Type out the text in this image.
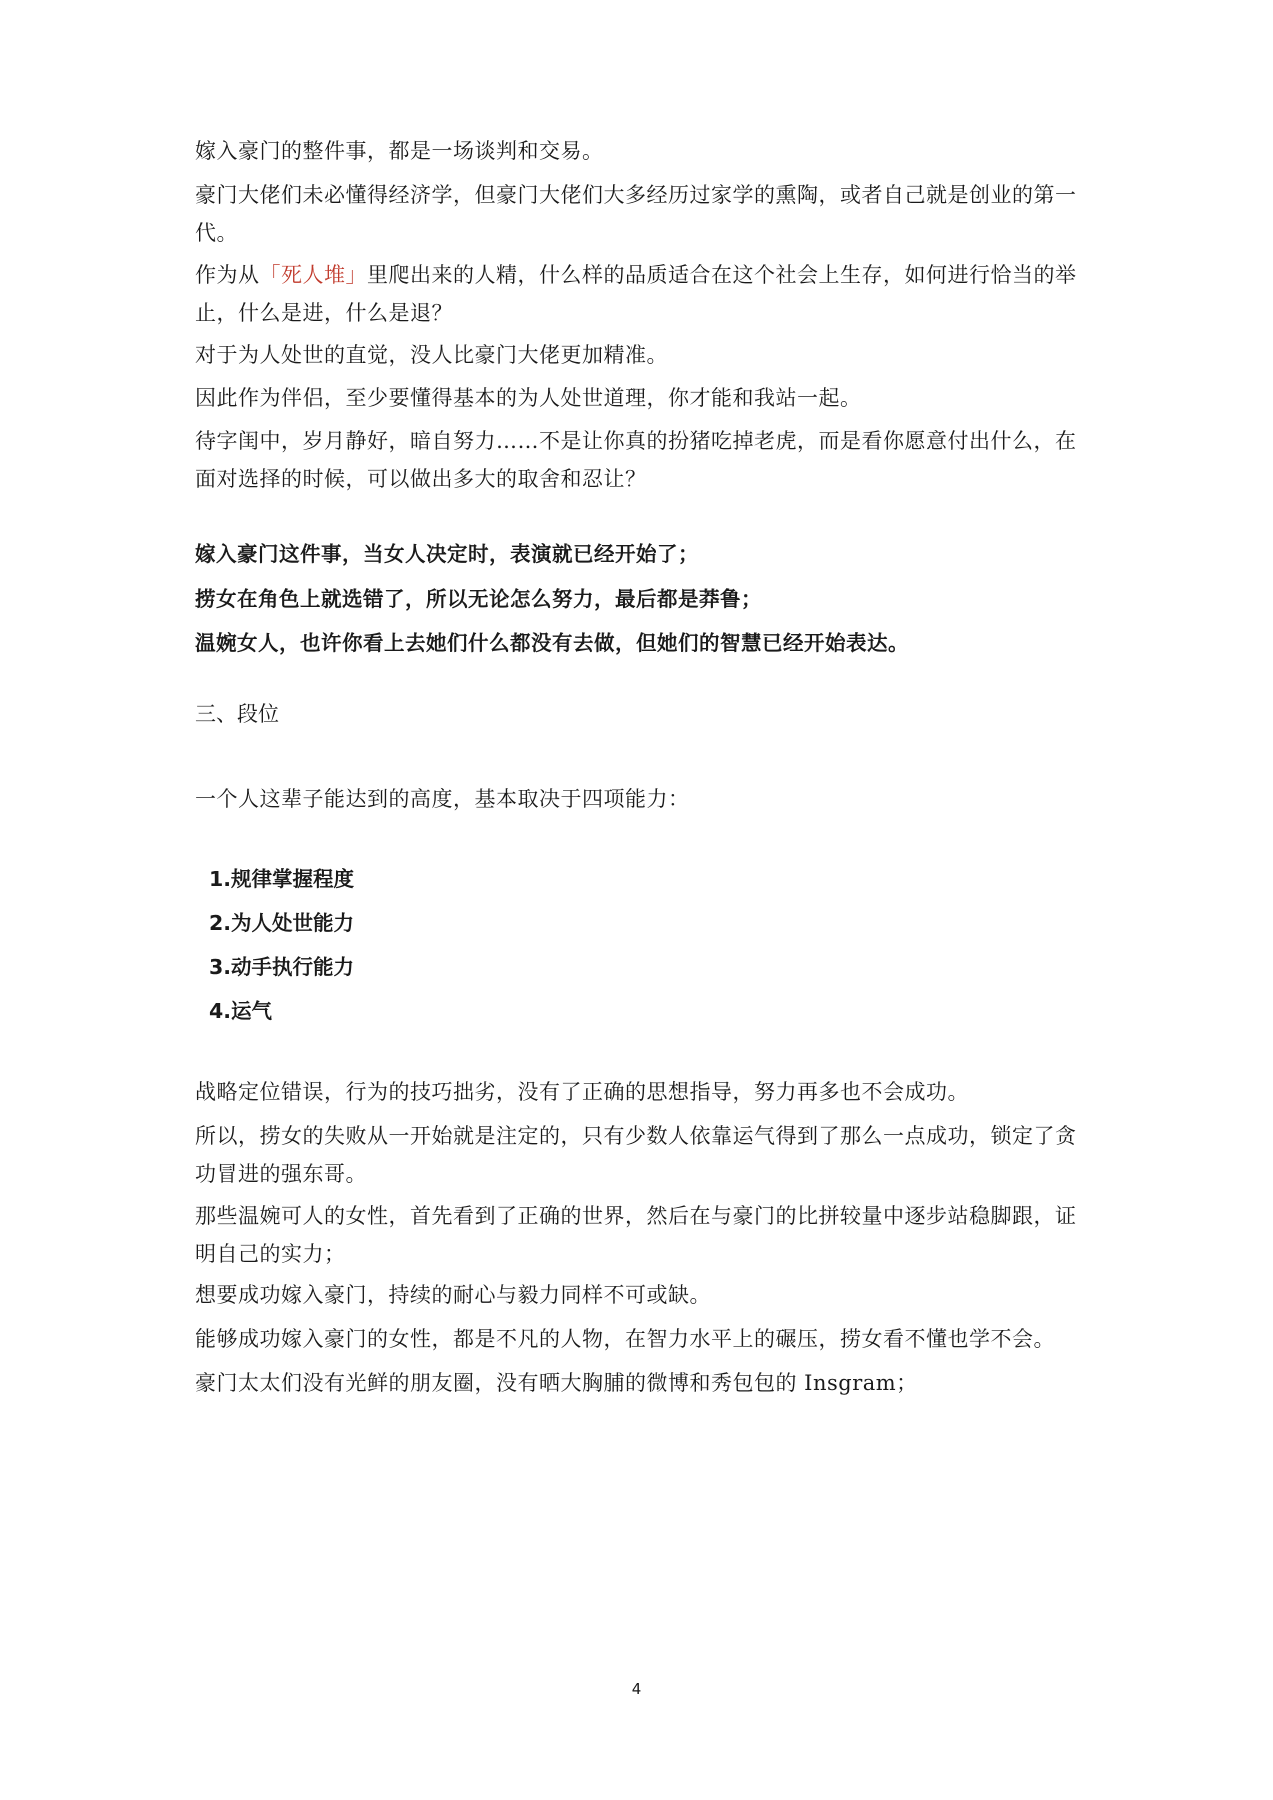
嫁入豪门的整件事，都是一场谈判和交易。

豪门大佬们未必懂得经济学，但豪门大佬们大多经历过家学的熏陶，或者自己就是创业的第一代。

作为从「死人堆」里爬出来的人精，什么样的品质适合在这个社会上生存，如何进行恰当的举止，什么是进，什么是退？

对于为人处世的直觉，没人比豪门大佬更加精准。

因此作为伴侣，至少要懂得基本的为人处世道理，你才能和我站一起。

待字闺中，岁月静好，暗自努力……不是让你真的扮猪吃掉老虎，而是看你愿意付出什么，在面对选择的时候，可以做出多大的取舍和忍让？

嫁入豪门这件事，当女人决定时，表演就已经开始了；

捞女在角色上就选错了，所以无论怎么努力，最后都是莽鲁；

温婉女人，也许你看上去她们什么都没有去做，但她们的智慧已经开始表达。

三、段位

一个人这辈子能达到的高度，基本取决于四项能力：

1.规律掌握程度

2.为人处世能力

3.动手执行能力

4.运气

战略定位错误，行为的技巧拙劣，没有了正确的思想指导，努力再多也不会成功。

所以，捞女的失败从一开始就是注定的，只有少数人依靠运气得到了那么一点成功，锁定了贪功冒进的强东哥。

那些温婉可人的女性，首先看到了正确的世界，然后在与豪门的比拼较量中逐步站稳脚跟，证明自己的实力；

想要成功嫁入豪门，持续的耐心与毅力同样不可或缺。

能够成功嫁入豪门的女性，都是不凡的人物，在智力水平上的碾压，捞女看不懂也学不会。

豪门太太们没有光鲜的朋友圈，没有晒大胸脯的微博和秀包包的 Insgram；

4
